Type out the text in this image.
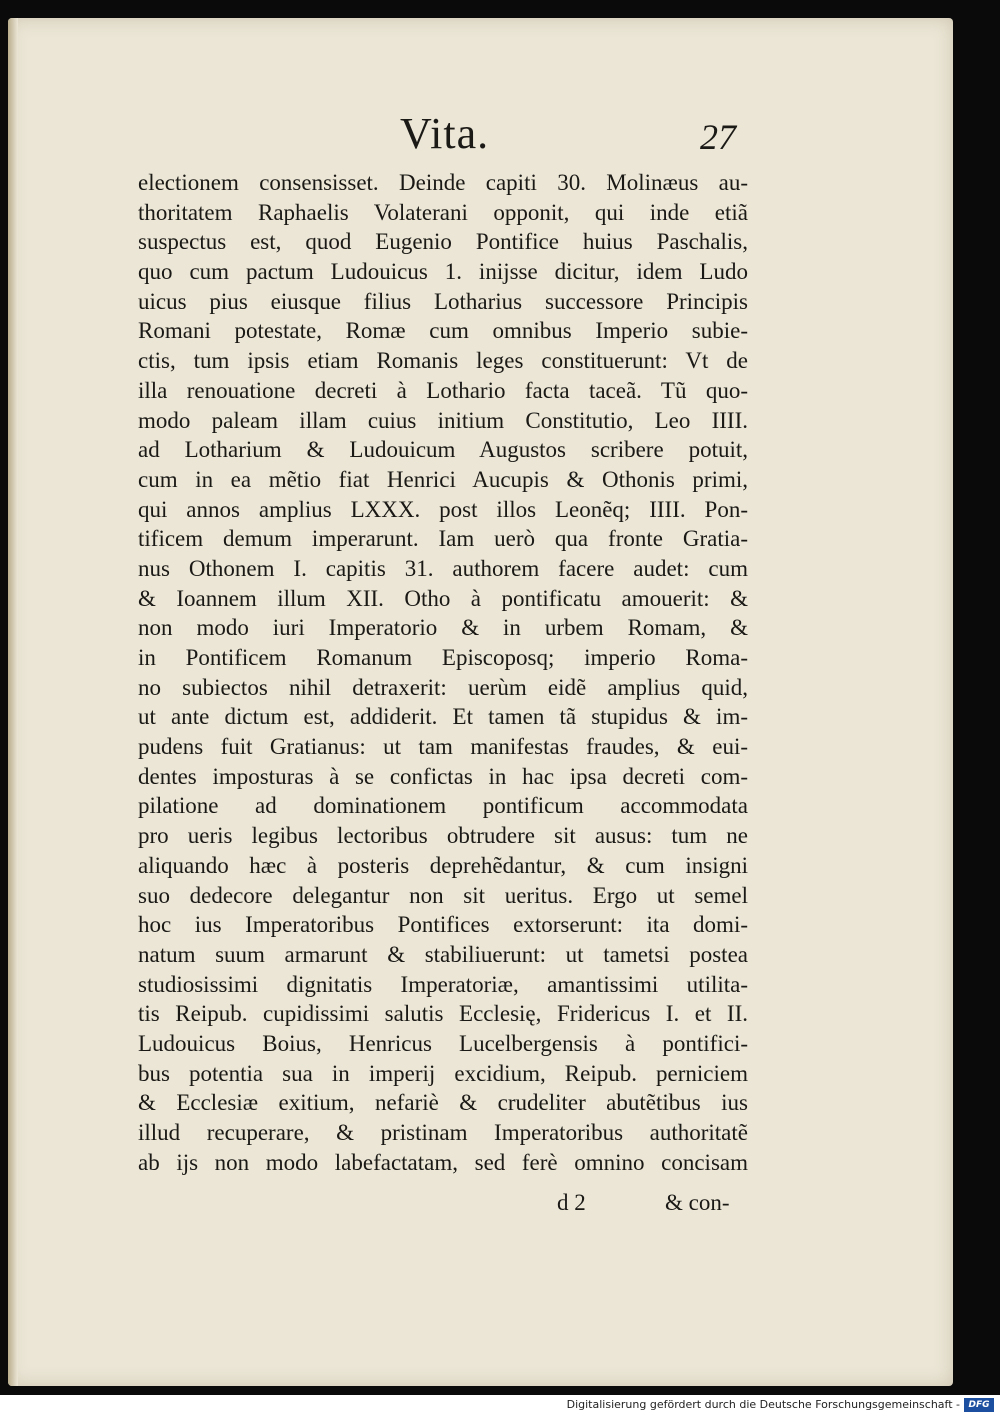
Vita.	27
electionem consensisset. Deinde capiti 30. Molinæus au-
thoritatem Raphaelis Volaterani opponit, qui inde etiã
suspectus est, quod Eugenio Pontifice huius Paschalis,
quo cum pactum Ludouicus 1. inijsse dicitur, idem Ludo
uicus pius eiusque filius Lotharius successore Principis
Romani potestate, Romæ cum omnibus Imperio subie-
ctis, tum ipsis etiam Romanis leges constituerunt: Vt de
illa renouatione decreti à Lothario facta taceã. Tũ quo-
modo paleam illam cuius initium Constitutio, Leo IIII.
ad Lotharium & Ludouicum Augustos scribere potuit,
cum in ea mẽtio fiat Henrici Aucupis & Othonis primi,
qui annos amplius LXXX. post illos Leonẽq; IIII. Pon-
tificem demum imperarunt. Iam uerò qua fronte Gratia-
nus Othonem I. capitis 31. authorem facere audet: cum
& Ioannem illum XII. Otho à pontificatu amouerit: &
non modo iuri Imperatorio & in urbem Romam, &
in Pontificem Romanum Episcoposq; imperio Roma-
no subiectos nihil detraxerit: uerùm eidẽ amplius quid,
ut ante dictum est, addiderit. Et tamen tã stupidus & im-
pudens fuit Gratianus: ut tam manifestas fraudes, & eui-
dentes imposturas à se confictas in hac ipsa decreti com-
pilatione ad dominationem pontificum accommodata
pro ueris legibus lectoribus obtrudere sit ausus: tum ne
aliquando hæc à posteris deprehẽdantur, & cum insigni
suo dedecore delegantur non sit ueritus. Ergo ut semel
hoc ius Imperatoribus Pontifices extorserunt: ita domi-
natum suum armarunt & stabiliuerunt: ut tametsi postea
studiosissimi dignitatis Imperatoriæ, amantissimi utilita-
tis Reipub. cupidissimi salutis Ecclesię, Fridericus I. et II.
Ludouicus Boius, Henricus Lucelbergensis à pontifici-
bus potentia sua in imperij excidium, Reipub. perniciem
& Ecclesiæ exitium, nefariè & crudeliter abutẽtibus ius
illud recuperare, & pristinam Imperatoribus authoritatẽ
ab ijs non modo labefactatam, sed ferè omnino concisam
d 2	& con-
Digitalisierung gefördert durch die Deutsche Forschungsgemeinschaft - DFG
